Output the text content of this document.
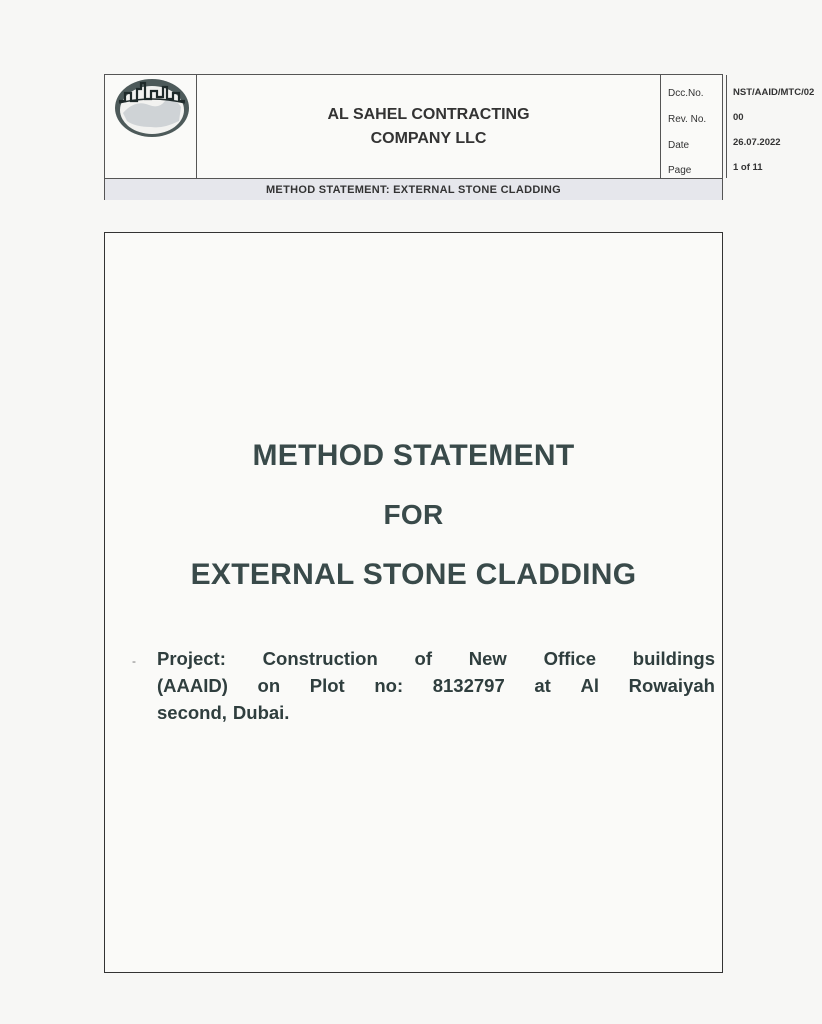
AL SAHEL CONTRACTING
COMPANY LLC
Dcc.No.
Rev. No.
Date
Page
NST/AAID/MTC/02
00
26.07.2022
1 of 11
METHOD STATEMENT: EXTERNAL STONE CLADDING
METHOD STATEMENT
FOR
EXTERNAL STONE CLADDING
Project: Construction of New Office buildings
(AAAID) on Plot no: 8132797 at Al Rowaiyah
second, Dubai.
-
